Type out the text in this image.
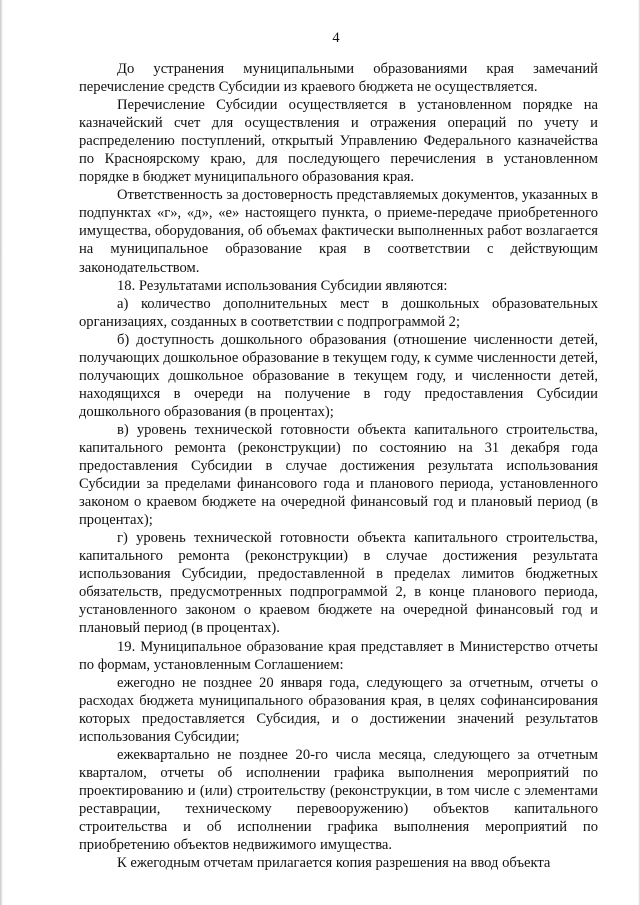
4

До устранения муниципальными образованиями края замечаний перечисление средств Субсидии из краевого бюджета не осуществляется.

Перечисление Субсидии осуществляется в установленном порядке на казначейский счет для осуществления и отражения операций по учету и распределению поступлений, открытый Управлению Федерального казначейства по Красноярскому краю, для последующего перечисления в установленном порядке в бюджет муниципального образования края.

Ответственность за достоверность представляемых документов, указанных в подпунктах «г», «д», «е» настоящего пункта, о приеме-передаче приобретенного имущества, оборудования, об объемах фактически выполненных работ возлагается на муниципальное образование края в соответствии с действующим законодательством.

18. Результатами использования Субсидии являются:

а) количество дополнительных мест в дошкольных образовательных организациях, созданных в соответствии с подпрограммой 2;

б) доступность дошкольного образования (отношение численности детей, получающих дошкольное образование в текущем году, к сумме численности детей, получающих дошкольное образование в текущем году, и численности детей, находящихся в очереди на получение в году предоставления Субсидии дошкольного образования (в процентах);

в) уровень технической готовности объекта капитального строительства, капитального ремонта (реконструкции) по состоянию на 31 декабря года предоставления Субсидии в случае достижения результата использования Субсидии за пределами финансового года и планового периода, установленного законом о краевом бюджете на очередной финансовый год и плановый период (в процентах);

г) уровень технической готовности объекта капитального строительства, капитального ремонта (реконструкции) в случае достижения результата использования Субсидии, предоставленной в пределах лимитов бюджетных обязательств, предусмотренных подпрограммой 2, в конце планового периода, установленного законом о краевом бюджете на очередной финансовый год и плановый период (в процентах).

19. Муниципальное образование края представляет в Министерство отчеты по формам, установленным Соглашением:

ежегодно не позднее 20 января года, следующего за отчетным, отчеты о расходах бюджета муниципального образования края, в целях софинансирования которых предоставляется Субсидия, и о достижении значений результатов использования Субсидии;

ежеквартально не позднее 20-го числа месяца, следующего за отчетным кварталом, отчеты об исполнении графика выполнения мероприятий по проектированию и (или) строительству (реконструкции, в том числе с элементами реставрации, техническому перевооружению) объектов капитального строительства и об исполнении графика выполнения мероприятий по приобретению объектов недвижимого имущества.

К ежегодным отчетам прилагается копия разрешения на ввод объекта
